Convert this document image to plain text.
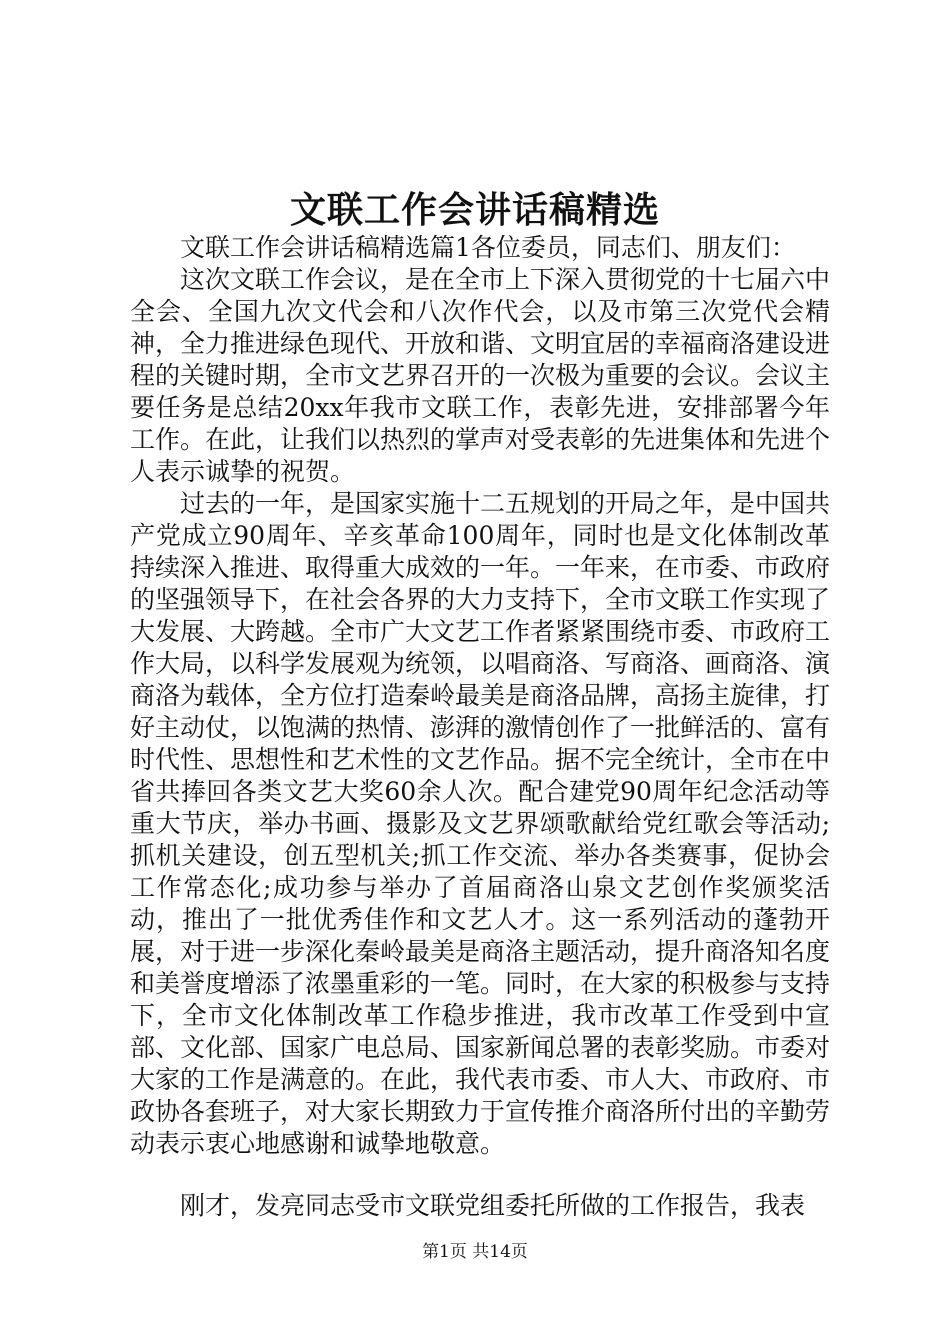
文联工作会讲话稿精选

文联工作会讲话稿精选篇1各位委员，同志们、朋友们：

这次文联工作会议，是在全市上下深入贯彻党的十七届六中全会、全国九次文代会和八次作代会，以及市第三次党代会精神，全力推进绿色现代、开放和谐、文明宜居的幸福商洛建设进程的关键时期，全市文艺界召开的一次极为重要的会议。会议主要任务是总结20xx年我市文联工作，表彰先进，安排部署今年工作。在此，让我们以热烈的掌声对受表彰的先进集体和先进个人表示诚挚的祝贺。

过去的一年，是国家实施十二五规划的开局之年，是中国共产党成立90周年、辛亥革命100周年，同时也是文化体制改革持续深入推进、取得重大成效的一年。一年来，在市委、市政府的坚强领导下，在社会各界的大力支持下，全市文联工作实现了大发展、大跨越。全市广大文艺工作者紧紧围绕市委、市政府工作大局，以科学发展观为统领，以唱商洛、写商洛、画商洛、演商洛为载体，全方位打造秦岭最美是商洛品牌，高扬主旋律，打好主动仗，以饱满的热情、澎湃的激情创作了一批鲜活的、富有时代性、思想性和艺术性的文艺作品。据不完全统计，全市在中省共捧回各类文艺大奖60余人次。配合建党90周年纪念活动等重大节庆，举办书画、摄影及文艺界颂歌献给党红歌会等活动;抓机关建设，创五型机关;抓工作交流、举办各类赛事，促协会工作常态化;成功参与举办了首届商洛山泉文艺创作奖颁奖活动，推出了一批优秀佳作和文艺人才。这一系列活动的蓬勃开展，对于进一步深化秦岭最美是商洛主题活动，提升商洛知名度和美誉度增添了浓墨重彩的一笔。同时，在大家的积极参与支持下，全市文化体制改革工作稳步推进，我市改革工作受到中宣部、文化部、国家广电总局、国家新闻总署的表彰奖励。市委对大家的工作是满意的。在此，我代表市委、市人大、市政府、市政协各套班子，对大家长期致力于宣传推介商洛所付出的辛勤劳动表示衷心地感谢和诚挚地敬意。

刚才，发亮同志受市文联党组委托所做的工作报告，我表

第1页 共14页
